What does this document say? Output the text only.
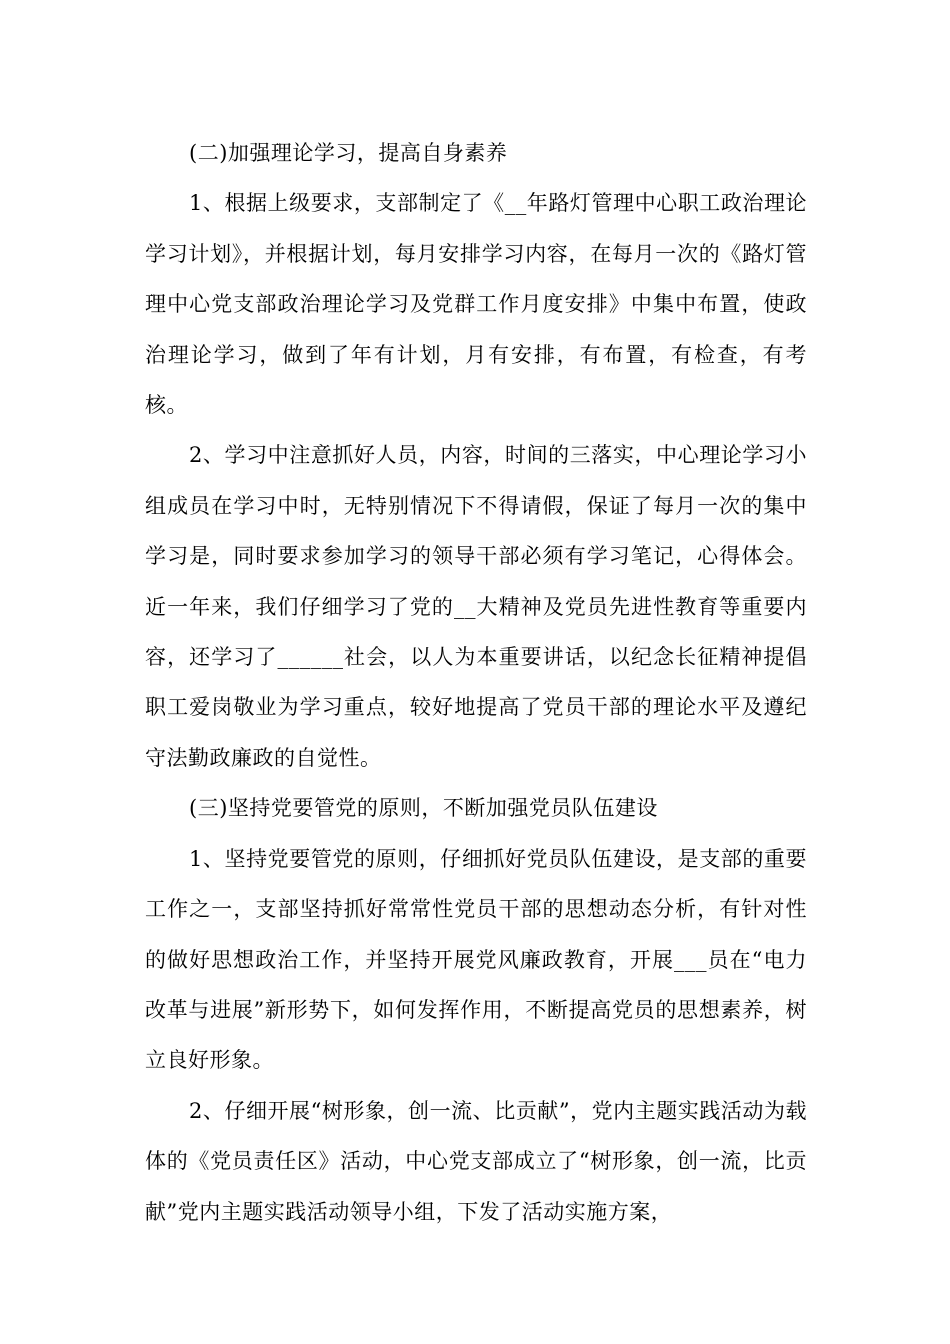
(二)加强理论学习，提高自身素养

1、根据上级要求，支部制定了《__年路灯管理中心职工政治理论学习计划》，并根据计划，每月安排学习内容，在每月一次的《路灯管理中心党支部政治理论学习及党群工作月度安排》中集中布置，使政治理论学习，做到了年有计划，月有安排，有布置，有检查，有考核。

2、学习中注意抓好人员，内容，时间的三落实，中心理论学习小组成员在学习中时，无特别情况下不得请假，保证了每月一次的集中学习是，同时要求参加学习的领导干部必须有学习笔记，心得体会。近一年来，我们仔细学习了党的__大精神及党员先进性教育等重要内容，还学习了______社会，以人为本重要讲话，以纪念长征精神提倡职工爱岗敬业为学习重点，较好地提高了党员干部的理论水平及遵纪守法勤政廉政的自觉性。

(三)坚持党要管党的原则，不断加强党员队伍建设

1、坚持党要管党的原则，仔细抓好党员队伍建设，是支部的重要工作之一，支部坚持抓好常常性党员干部的思想动态分析，有针对性的做好思想政治工作，并坚持开展党风廉政教育，开展___员在“电力改革与进展”新形势下，如何发挥作用，不断提高党员的思想素养，树立良好形象。

2、仔细开展“树形象，创一流、比贡献”，党内主题实践活动为载体的《党员责任区》活动，中心党支部成立了“树形象，创一流，比贡献”党内主题实践活动领导小组，下发了活动实施方案，
